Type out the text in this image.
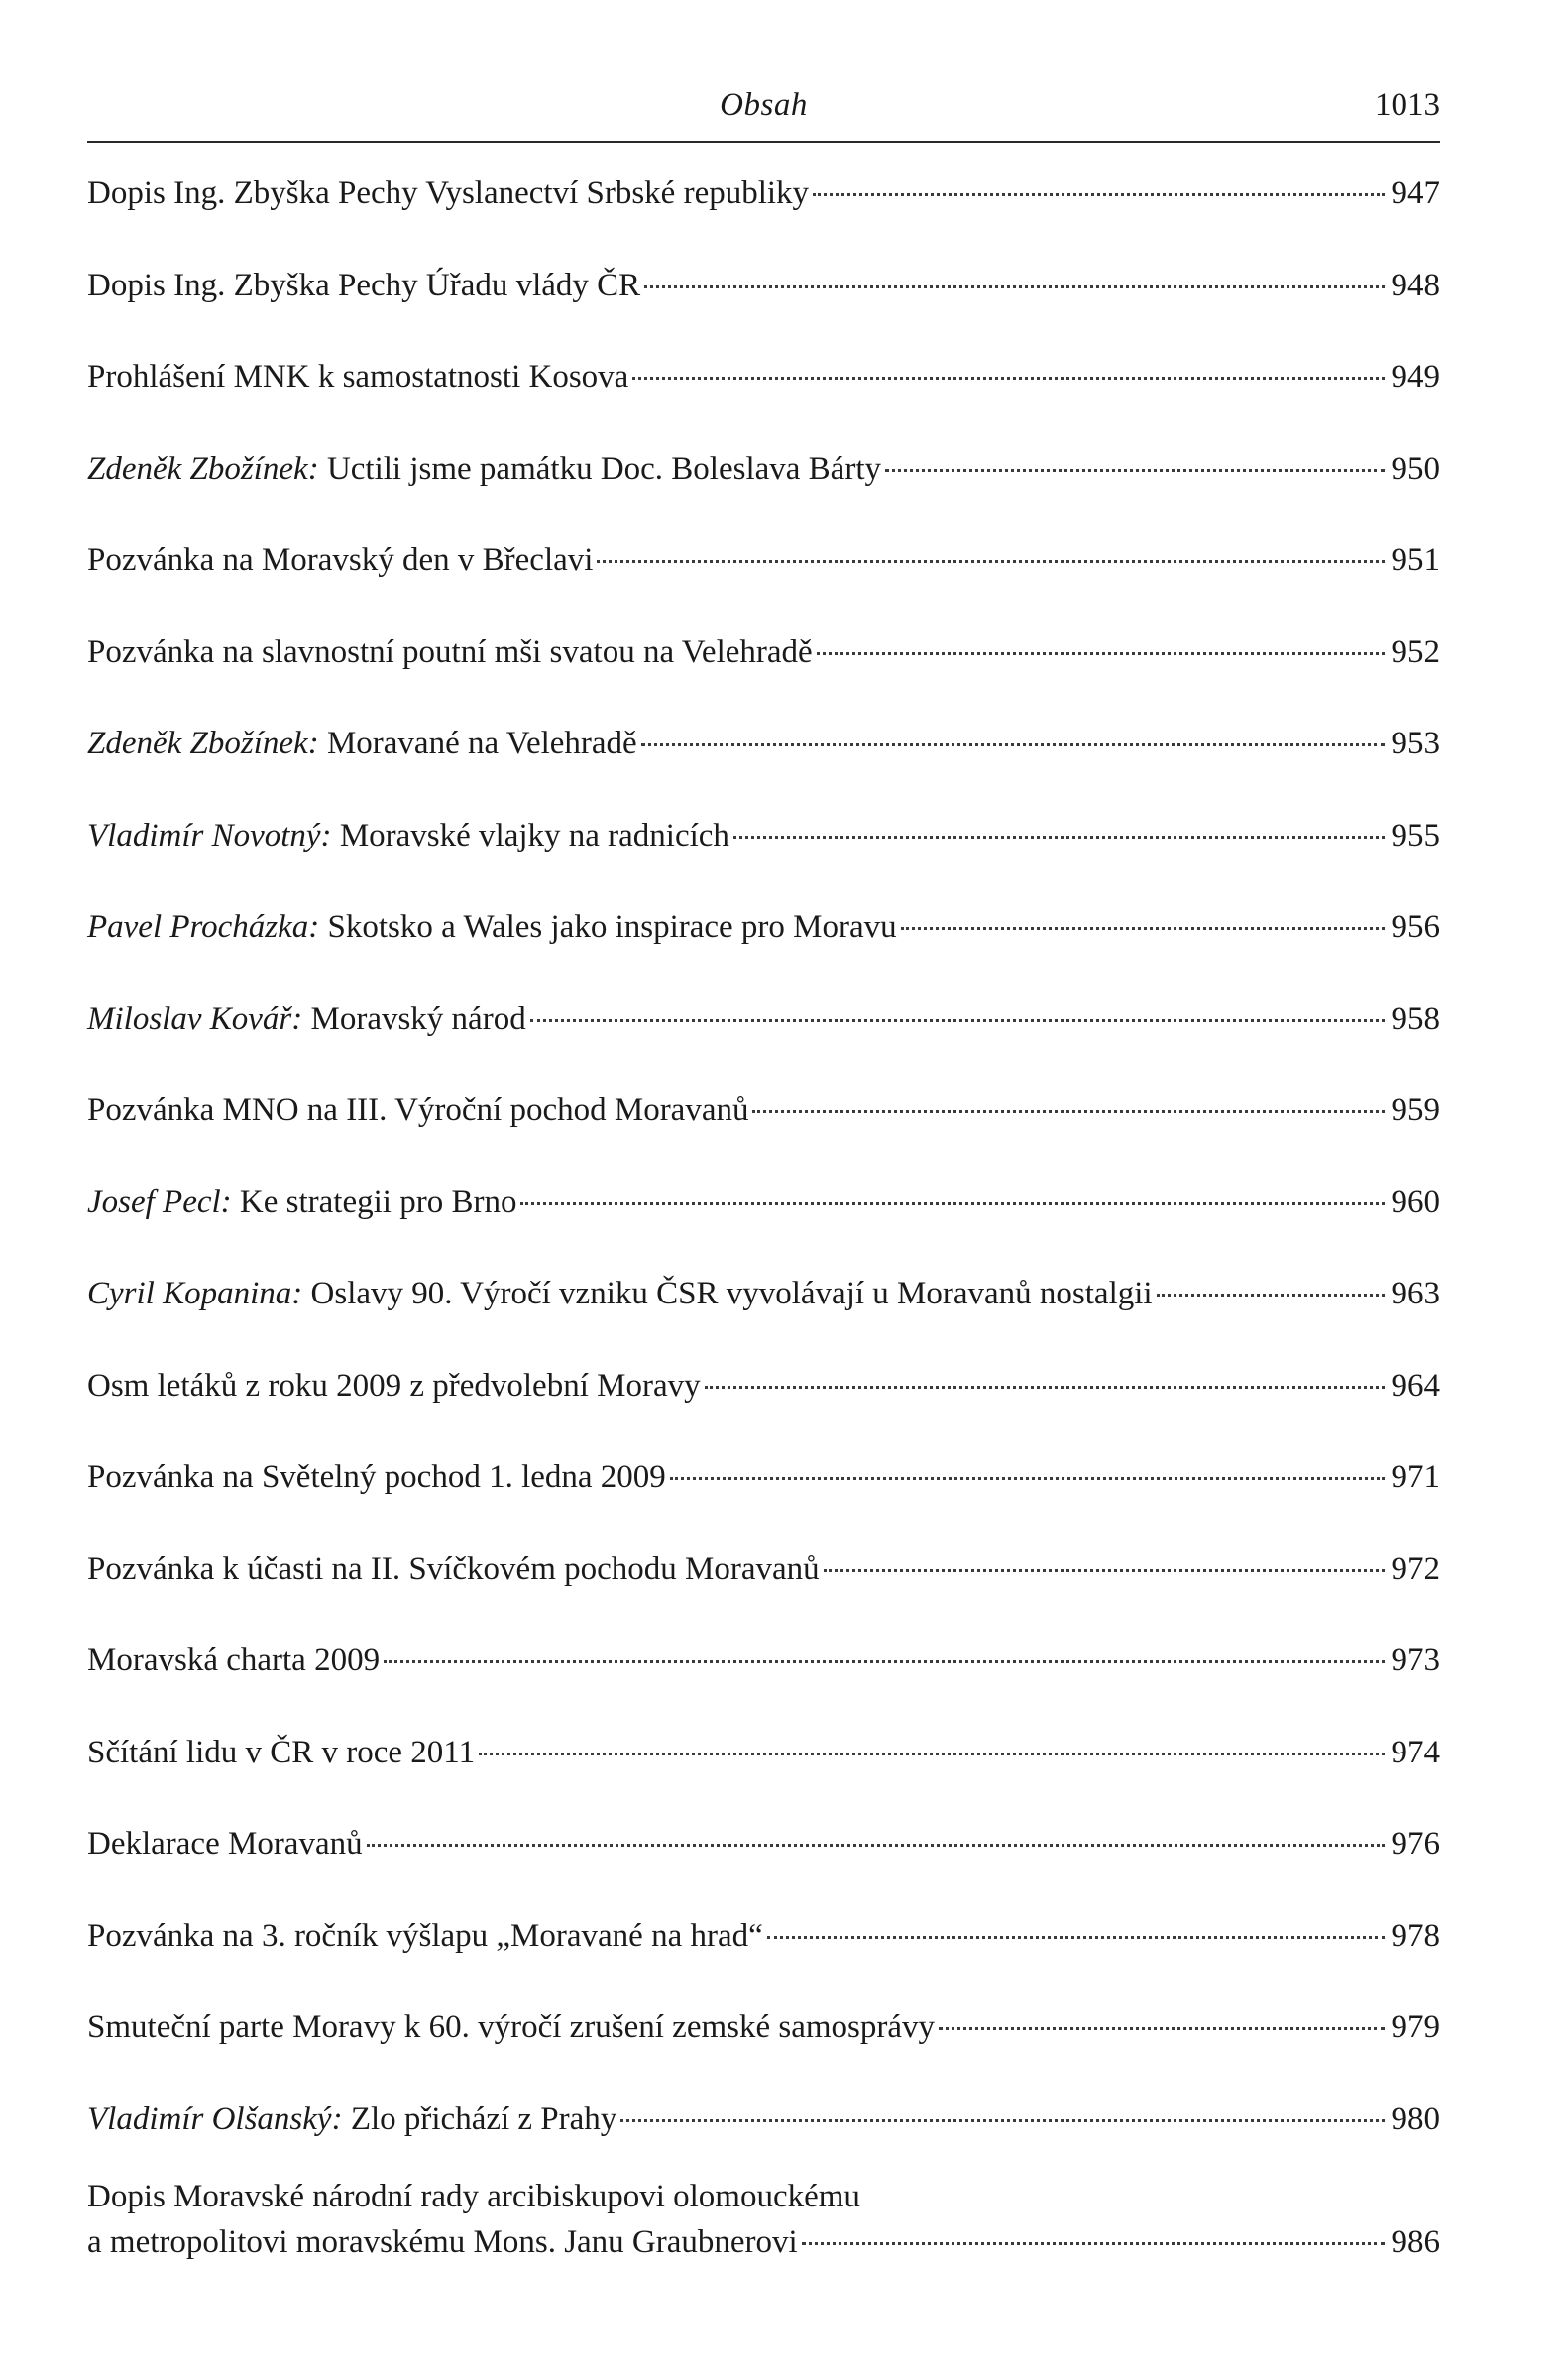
Obsah	1013
Dopis Ing. Zbyška Pechy Vyslanectví Srbské republiky	947
Dopis Ing. Zbyška Pechy Úřadu vlády ČR	948
Prohlášení MNK k samostatnosti Kosova	949
Zdeněk Zbožínek: Uctili jsme památku Doc. Boleslava Bárty	950
Pozvánka na Moravský den v Břeclavi	951
Pozvánka na slavnostní poutní mši svatou na Velehradě	952
Zdeněk Zbožínek: Moravané na Velehradě	953
Vladimír Novotný: Moravské vlajky na radnicích	955
Pavel Procházka: Skotsko a Wales jako inspirace pro Moravu	956
Miloslav Kovář: Moravský národ	958
Pozvánka MNO na III. Výroční pochod Moravanů	959
Josef Pecl: Ke strategii pro Brno	960
Cyril Kopanina: Oslavy 90. Výročí vzniku ČSR vyvolávají u Moravanů nostalgii	963
Osm letáků z roku 2009 z předvolební Moravy	964
Pozvánka na Světelný pochod 1. ledna 2009	971
Pozvánka k účasti na II. Svíčkovém pochodu Moravanů	972
Moravská charta 2009	973
Sčítání lidu v ČR v roce 2011	974
Deklarace Moravanů	976
Pozvánka na 3. ročník výšlapu „Moravané na hrad“	978
Smuteční parte Moravy k 60. výročí zrušení zemské samosprávy	979
Vladimír Olšanský: Zlo přichází z Prahy	980
Dopis Moravské národní rady arcibiskupovi olomouckému
a metropolitovi moravskému Mons. Janu Graubnerovi	986
